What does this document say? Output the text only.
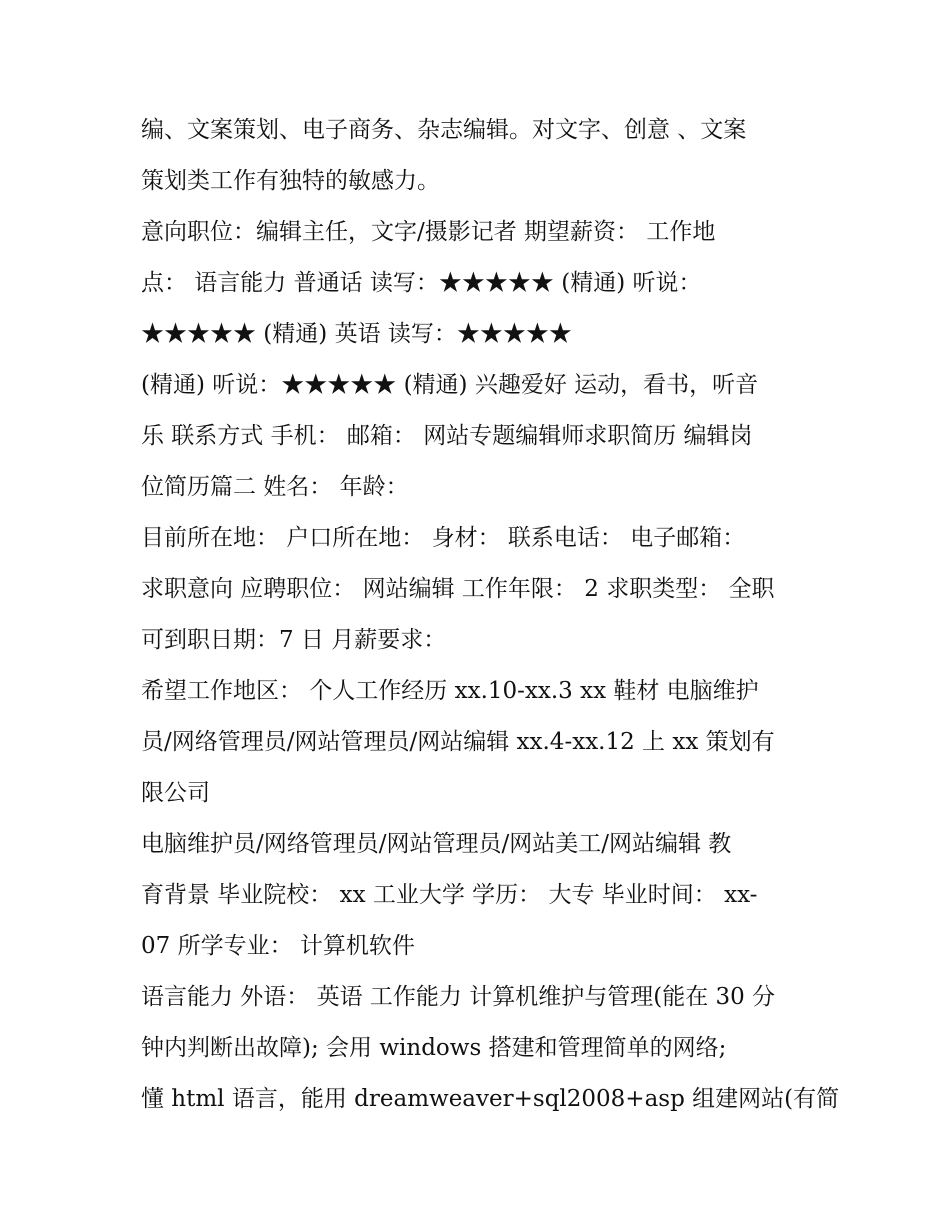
编、文案策划、电子商务、杂志编辑。对文字、创意 、文案
策划类工作有独特的敏感力。
意向职位：编辑主任，文字/摄影记者 期望薪资： 工作地
点： 语言能力 普通话 读写：★★★★★ (精通) 听说：
★★★★★ (精通) 英语 读写：★★★★★
(精通) 听说：★★★★★ (精通) 兴趣爱好 运动，看书，听音
乐 联系方式 手机： 邮箱： 网站专题编辑师求职简历 编辑岗
位简历篇二 姓名： 年龄：
目前所在地： 户口所在地： 身材： 联系电话： 电子邮箱：
求职意向 应聘职位： 网站编辑 工作年限： 2 求职类型： 全职
可到职日期：7 日 月薪要求：
希望工作地区： 个人工作经历 xx.10-xx.3 xx 鞋材 电脑维护
员/网络管理员/网站管理员/网站编辑 xx.4-xx.12 上 xx 策划有
限公司
电脑维护员/网络管理员/网站管理员/网站美工/网站编辑 教
育背景 毕业院校： xx 工业大学 学历： 大专 毕业时间： xx-
07 所学专业： 计算机软件
语言能力 外语： 英语 工作能力 计算机维护与管理(能在 30 分
钟内判断出故障); 会用 windows 搭建和管理简单的网络;
懂 html 语言，能用 dreamweaver+sql2008+asp 组建网站(有简
